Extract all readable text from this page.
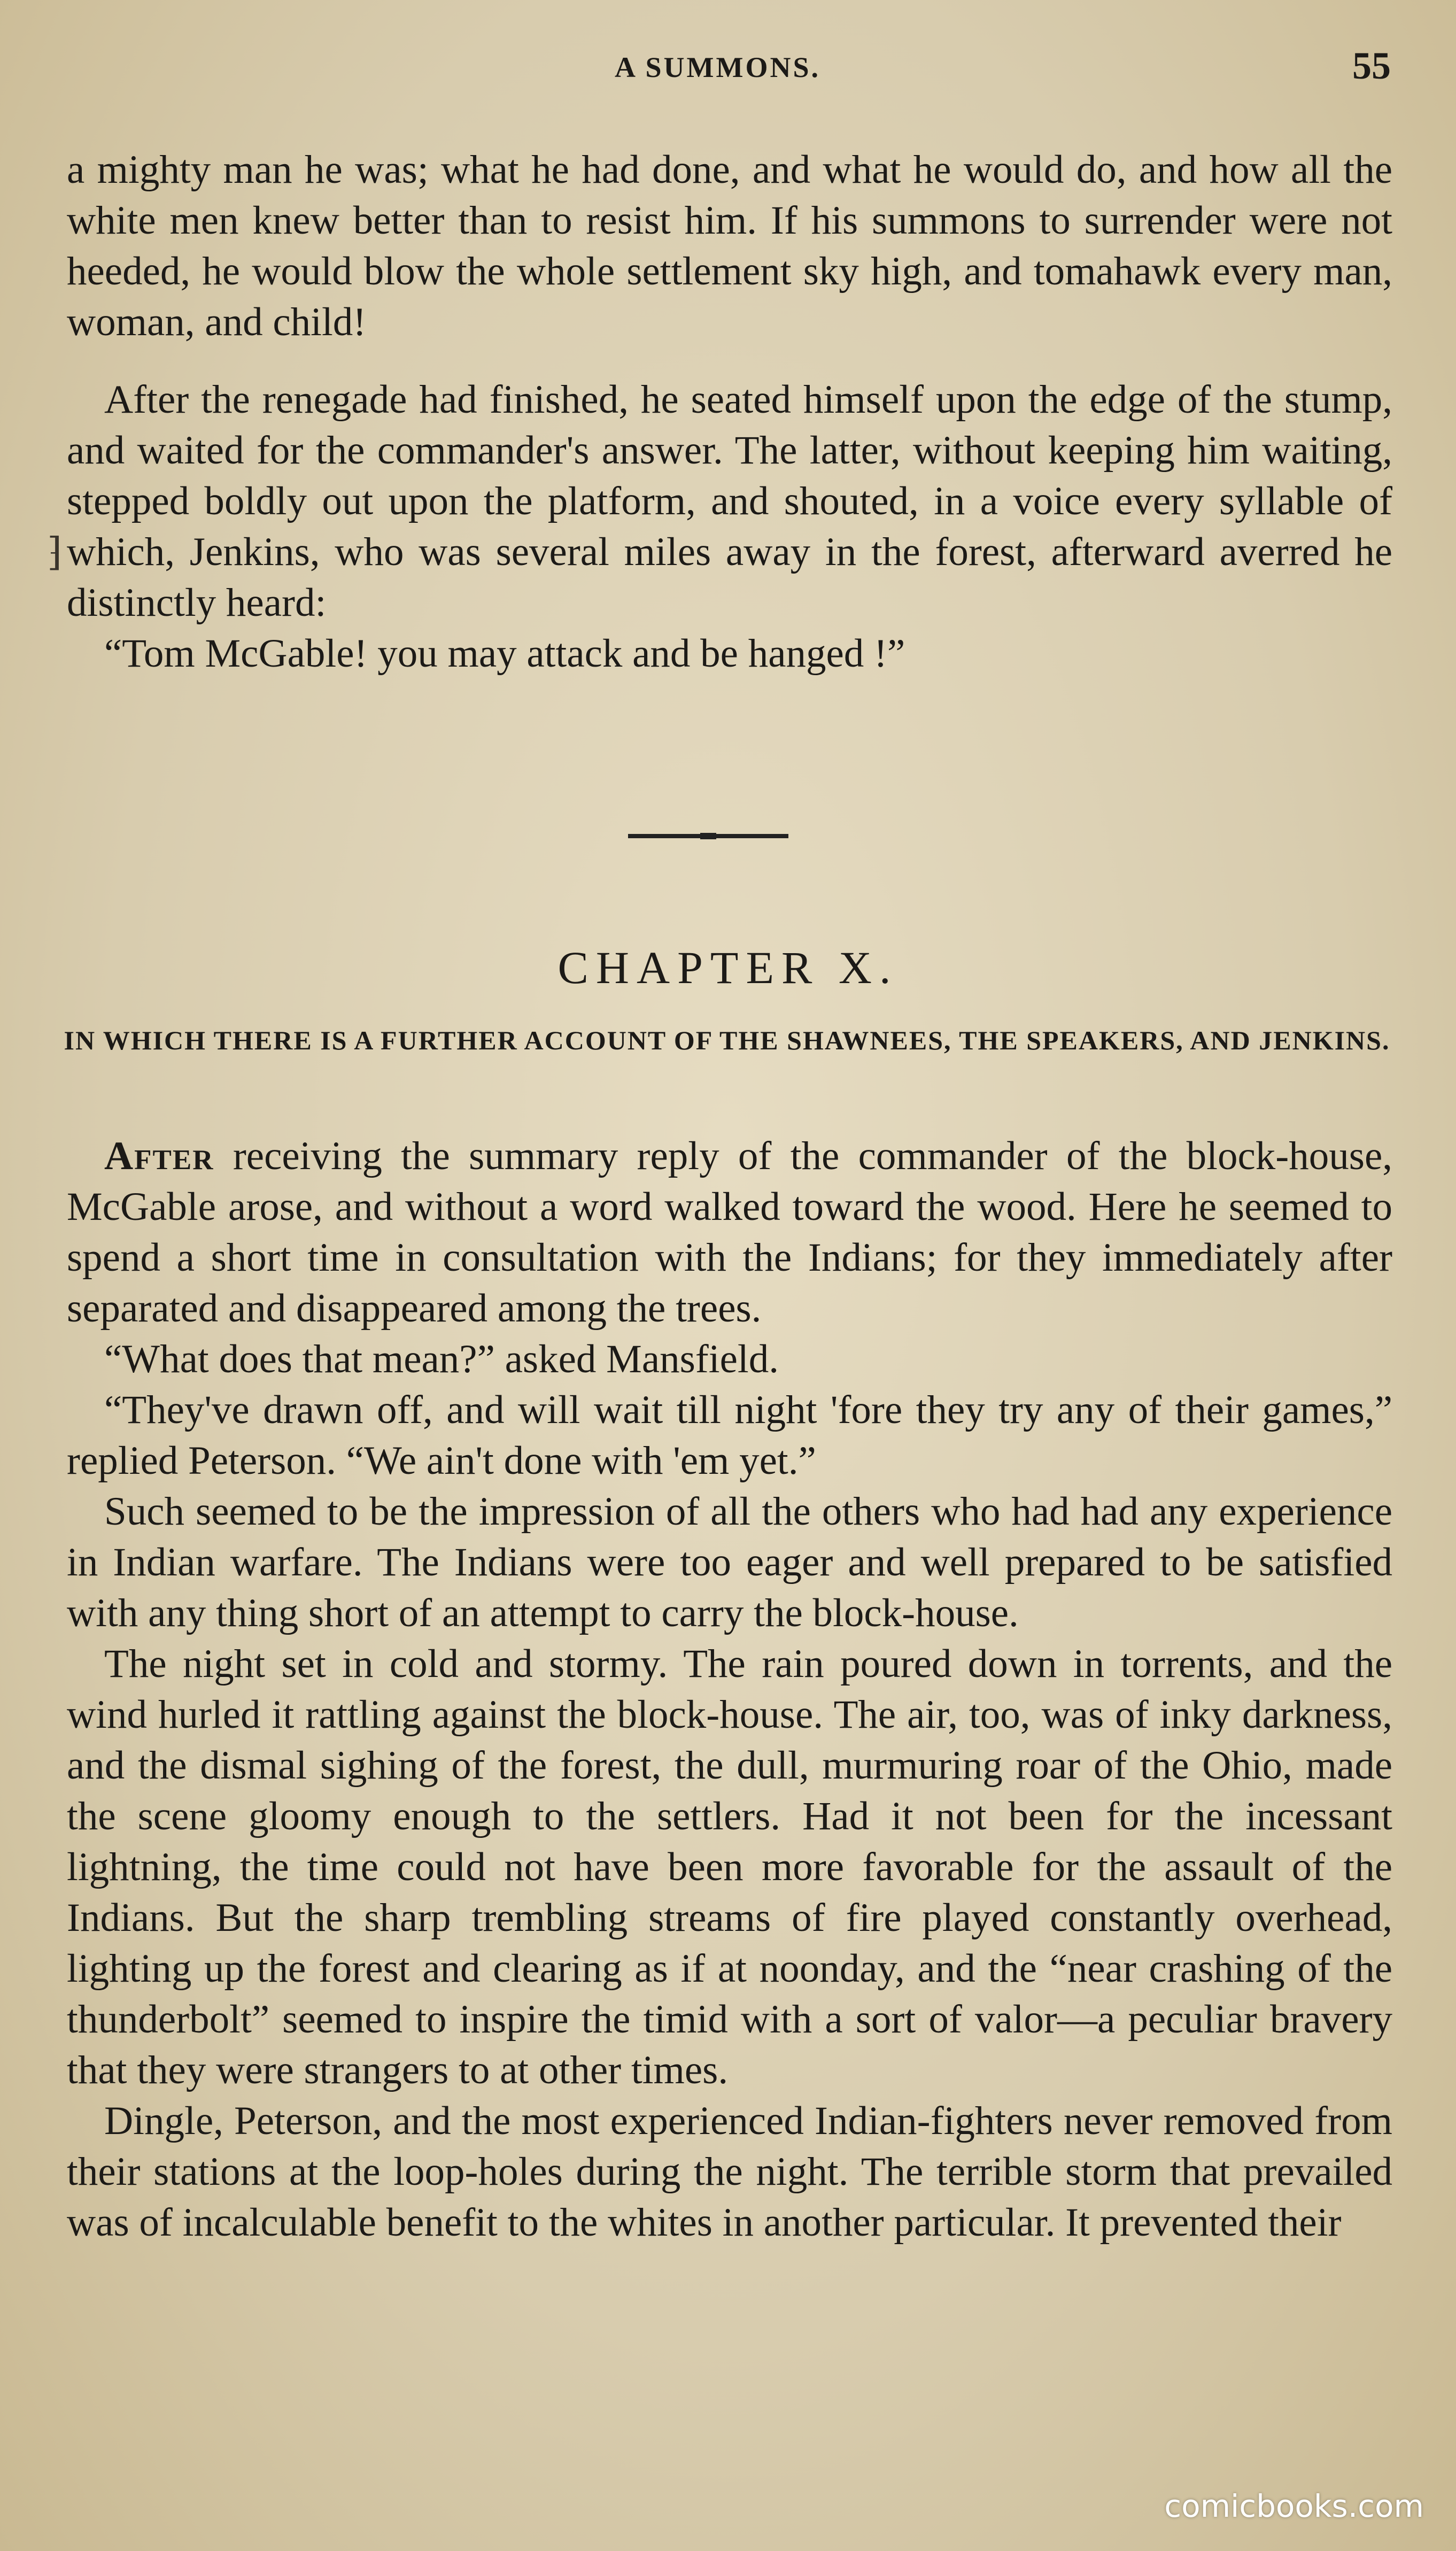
A SUMMONS.	55
⁆

a mighty man he was; what he had done, and what he would do, and how all the white men knew better than to resist him. If his summons to surrender were not heeded, he would blow the whole settlement sky high, and tomahawk every man, woman, and child!

After the renegade had finished, he seated himself upon the edge of the stump, and waited for the commander's answer. The latter, without keeping him waiting, stepped boldly out upon the platform, and shouted, in a voice every syllable of which, Jenkins, who was several miles away in the forest, afterward averred he distinctly heard:

“Tom McGable! you may attack and be hanged !”

CHAPTER X.
IN WHICH THERE IS A FURTHER ACCOUNT OF THE SHAWNEES, THE SPEAKERS, AND JENKINS.

After receiving the summary reply of the commander of the block-house, McGable arose, and without a word walked toward the wood. Here he seemed to spend a short time in consultation with the Indians; for they immediately after separated and disappeared among the trees.

“What does that mean?” asked Mansfield.

“They've drawn off, and will wait till night 'fore they try any of their games,” replied Peterson. “We ain't done with 'em yet.”

Such seemed to be the impression of all the others who had had any experience in Indian warfare. The Indians were too eager and well prepared to be satisfied with any thing short of an attempt to carry the block-house.

The night set in cold and stormy. The rain poured down in torrents, and the wind hurled it rattling against the block-house. The air, too, was of inky darkness, and the dismal sighing of the forest, the dull, murmuring roar of the Ohio, made the scene gloomy enough to the settlers. Had it not been for the incessant lightning, the time could not have been more favorable for the assault of the Indians. But the sharp trembling streams of fire played constantly overhead, lighting up the forest and clearing as if at noonday, and the “near crashing of the thunderbolt” seemed to inspire the timid with a sort of valor—a peculiar bravery that they were strangers to at other times.

Dingle, Peterson, and the most experienced Indian-fighters never removed from their stations at the loop-holes during the night. The terrible storm that prevailed was of incalculable benefit to the whites in another particular. It prevented their

comicbooks.com
